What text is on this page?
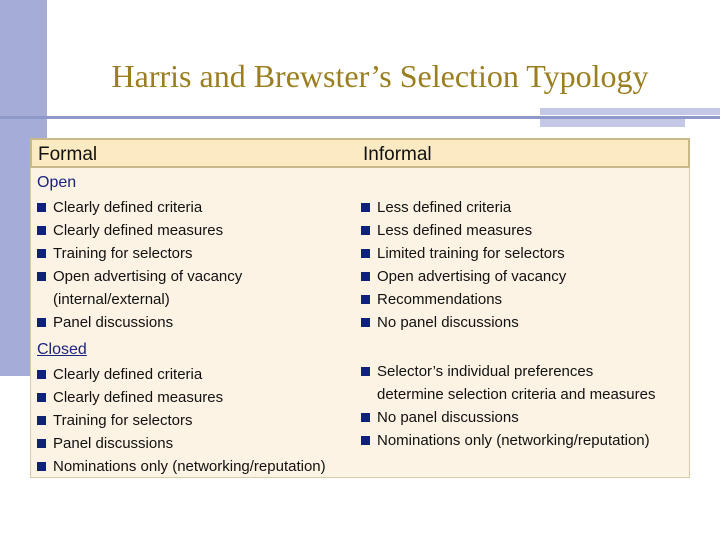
Harris and Brewster’s Selection Typology
Formal	Informal
Open
Clearly defined criteria
Clearly defined measures
Training for selectors
Open advertising of vacancy
(internal/external)
Panel discussions
Less defined criteria
Less defined measures
Limited training for selectors
Open advertising of vacancy
Recommendations
No panel discussions
Closed
Clearly defined criteria
Clearly defined measures
Training for selectors
Panel discussions
Nominations only (networking/reputation)
Selector’s individual preferences
determine selection criteria and measures
No panel discussions
Nominations only (networking/reputation)
